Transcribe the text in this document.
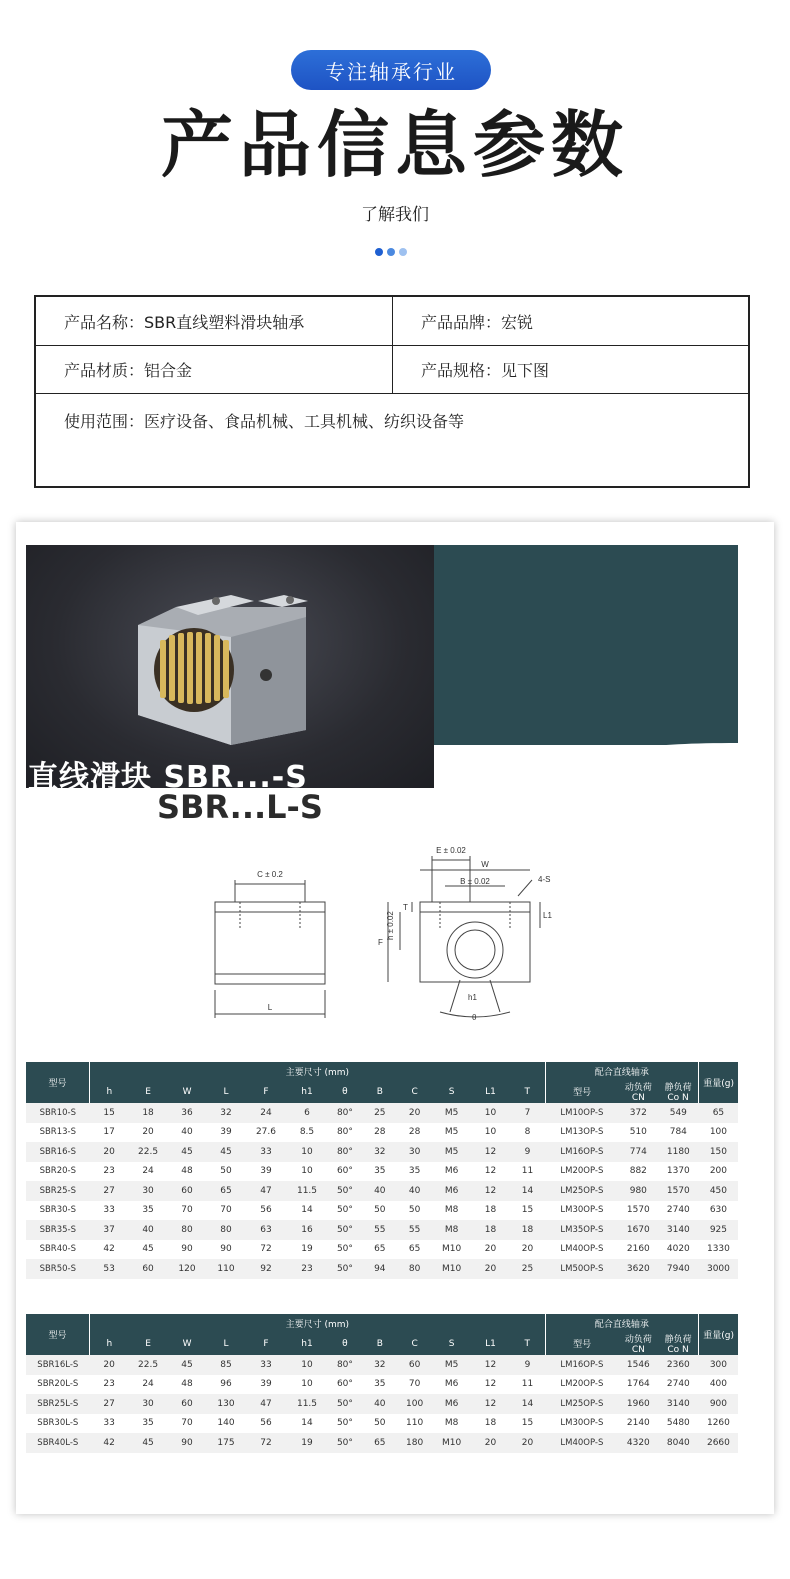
专注轴承行业
产品信息参数
了解我们
产品名称：SBR直线塑料滑块轴承	产品品牌：宏锐
产品材质：铝合金	产品规格：见下图
使用范围：医疗设备、食品机械、工具机械、纺织设备等
直线滑块 SBR...-S
SBR...L-S
C ± 0.2
L
E ± 0.02
W
B ± 0.02	4-S
T
L1
F
h ± 0.02
h1
θ
型号	主要尺寸 (mm)												配合直线轴承			重量(g)
	h	E	W	L	F	h1	θ	B	C	S	L1	T	型号	动负荷 CN	静负荷 Co N	
SBR10-S	15	18	36	32	24	6	80°	25	20	M5	10	7	LM10OP-S	372	549	65
SBR13-S	17	20	40	39	27.6	8.5	80°	28	28	M5	10	8	LM13OP-S	510	784	100
SBR16-S	20	22.5	45	45	33	10	80°	32	30	M5	12	9	LM16OP-S	774	1180	150
SBR20-S	23	24	48	50	39	10	60°	35	35	M6	12	11	LM20OP-S	882	1370	200
SBR25-S	27	30	60	65	47	11.5	50°	40	40	M6	12	14	LM25OP-S	980	1570	450
SBR30-S	33	35	70	70	56	14	50°	50	50	M8	18	15	LM30OP-S	1570	2740	630
SBR35-S	37	40	80	80	63	16	50°	55	55	M8	18	18	LM35OP-S	1670	3140	925
SBR40-S	42	45	90	90	72	19	50°	65	65	M10	20	20	LM40OP-S	2160	4020	1330
SBR50-S	53	60	120	110	92	23	50°	94	80	M10	20	25	LM50OP-S	3620	7940	3000
型号	主要尺寸 (mm)												配合直线轴承			重量(g)
	h	E	W	L	F	h1	θ	B	C	S	L1	T	型号	动负荷 CN	静负荷 Co N	
SBR16L-S	20	22.5	45	85	33	10	80°	32	60	M5	12	9	LM16OP-S	1546	2360	300
SBR20L-S	23	24	48	96	39	10	60°	35	70	M6	12	11	LM20OP-S	1764	2740	400
SBR25L-S	27	30	60	130	47	11.5	50°	40	100	M6	12	14	LM25OP-S	1960	3140	900
SBR30L-S	33	35	70	140	56	14	50°	50	110	M8	18	15	LM30OP-S	2140	5480	1260
SBR40L-S	42	45	90	175	72	19	50°	65	180	M10	20	20	LM40OP-S	4320	8040	2660
